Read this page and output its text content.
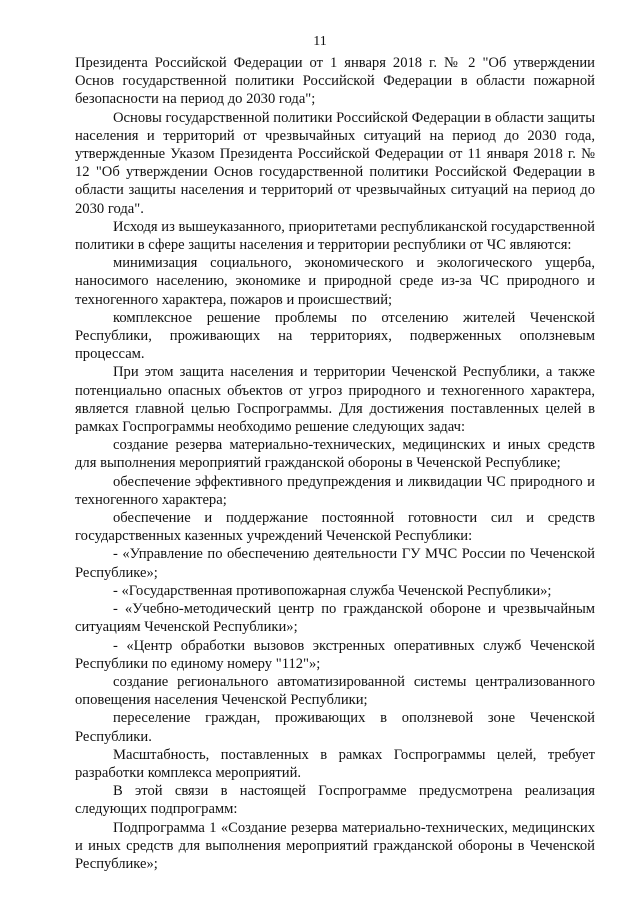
11

Президента Российской Федерации от 1 января 2018 г. № 2 "Об утверждении Основ государственной политики Российской Федерации в области пожарной безопасности на период до 2030 года";

Основы государственной политики Российской Федерации в области защиты населения и территорий от чрезвычайных ситуаций на период до 2030 года, утвержденные Указом Президента Российской Федерации от 11 января 2018 г. № 12 "Об утверждении Основ государственной политики Российской Федерации в области защиты населения и территорий от чрезвычайных ситуаций на период до 2030 года".

Исходя из вышеуказанного, приоритетами республиканской государственной политики в сфере защиты населения и территории республики от ЧС являются:

минимизация социального, экономического и экологического ущерба, наносимого населению, экономике и природной среде из-за ЧС природного и техногенного характера, пожаров и происшествий;

комплексное решение проблемы по отселению жителей Чеченской Республики, проживающих на территориях, подверженных оползневым процессам.

При этом защита населения и территории Чеченской Республики, а также потенциально опасных объектов от угроз природного и техногенного характера, является главной целью Госпрограммы. Для достижения поставленных целей в рамках Госпрограммы необходимо решение следующих задач:

создание резерва материально-технических, медицинских и иных средств для выполнения мероприятий гражданской обороны в Чеченской Республике;

обеспечение эффективного предупреждения и ликвидации ЧС природного и техногенного характера;

обеспечение и поддержание постоянной готовности сил и средств государственных казенных учреждений Чеченской Республики:

- «Управление по обеспечению деятельности ГУ МЧС России по Чеченской Республике»;

- «Государственная противопожарная служба Чеченской Республики»;

- «Учебно-методический центр по гражданской обороне и чрезвычайным ситуациям Чеченской Республики»;

- «Центр обработки вызовов экстренных оперативных служб Чеченской Республики по единому номеру "112"»;

создание регионального автоматизированной системы централизованного оповещения населения Чеченской Республики;

переселение граждан, проживающих в оползневой зоне Чеченской Республики.

Масштабность, поставленных в рамках Госпрограммы целей, требует разработки комплекса мероприятий.

В этой связи в настоящей Госпрограмме предусмотрена реализация следующих подпрограмм:

Подпрограмма 1 «Создание резерва материально-технических, медицинских и иных средств для выполнения мероприятий гражданской обороны в Чеченской Республике»;
